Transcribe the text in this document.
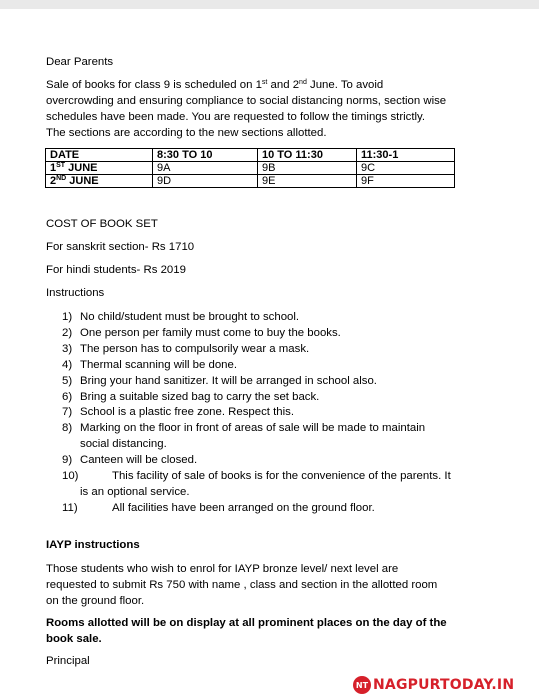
Dear Parents

Sale of books for class 9 is scheduled on 1st and 2nd June. To avoid
overcrowding and ensuring compliance to social distancing norms, section wise
schedules have been made. You are requested to follow the timings strictly.
The sections are according to the new sections allotted.
DATE	8:30 TO 10	10 TO 11:30	11:30-1
1ST JUNE	9A	9B	9C
2ND JUNE	9D	9E	9F

COST OF BOOK SET

For sanskrit section- Rs 1710

For hindi students- Rs 2019

Instructions

1) No child/student must be brought to school.
2) One person per family must come to buy the books.
3) The person has to compulsorily wear a mask.
4) Thermal scanning will be done.
5) Bring your hand sanitizer. It will be arranged in school also.
6) Bring a suitable sized bag to carry the set back.
7) School is a plastic free zone. Respect this.
8) Marking on the floor in front of areas of sale will be made to maintain
social distancing.
9) Canteen will be closed.
10)	This facility of sale of books is for the convenience of the parents. It
is an optional service.
11)	All facilities have been arranged on the ground floor.

IAYP instructions

Those students who wish to enrol for IAYP bronze level/ next level are
requested to submit Rs 750 with name , class and section in the allotted room
on the ground floor.
Rooms allotted will be on display at all prominent places on the day of the
book sale.

Principal

NT NAGPURTODAY.IN
